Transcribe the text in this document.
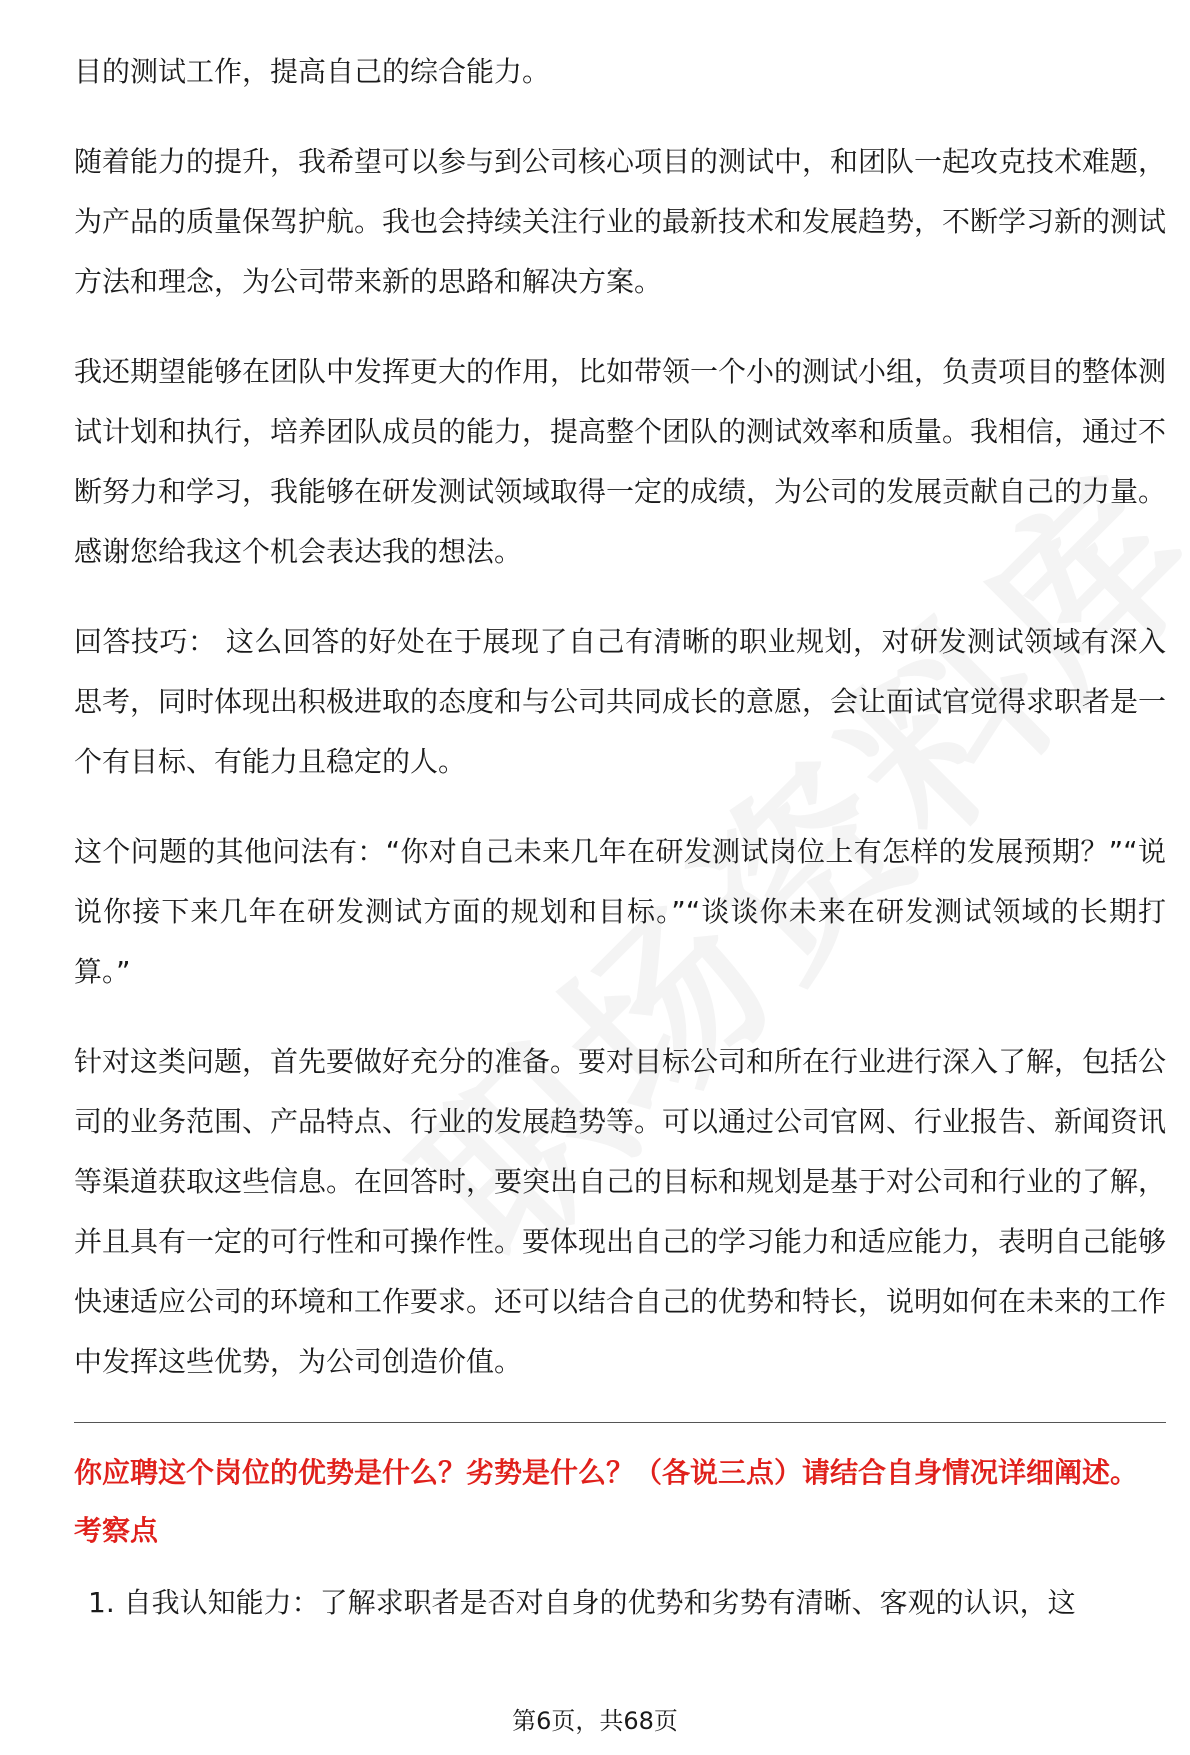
目的测试工作，提高自己的综合能力。

随着能力的提升，我希望可以参与到公司核心项目的测试中，和团队一起攻克技术难题，为产品的质量保驾护航。我也会持续关注行业的最新技术和发展趋势，不断学习新的测试方法和理念，为公司带来新的思路和解决方案。

我还期望能够在团队中发挥更大的作用，比如带领一个小的测试小组，负责项目的整体测试计划和执行，培养团队成员的能力，提高整个团队的测试效率和质量。我相信，通过不断努力和学习，我能够在研发测试领域取得一定的成绩，为公司的发展贡献自己的力量。感谢您给我这个机会表达我的想法。

回答技巧： 这么回答的好处在于展现了自己有清晰的职业规划，对研发测试领域有深入思考，同时体现出积极进取的态度和与公司共同成长的意愿，会让面试官觉得求职者是一个有目标、有能力且稳定的人。

这个问题的其他问法有：“你对自己未来几年在研发测试岗位上有怎样的发展预期？”“说说你接下来几年在研发测试方面的规划和目标。”“谈谈你未来在研发测试领域的长期打算。”

针对这类问题，首先要做好充分的准备。要对目标公司和所在行业进行深入了解，包括公司的业务范围、产品特点、行业的发展趋势等。可以通过公司官网、行业报告、新闻资讯等渠道获取这些信息。在回答时，要突出自己的目标和规划是基于对公司和行业的了解，并且具有一定的可行性和可操作性。要体现出自己的学习能力和适应能力，表明自己能够快速适应公司的环境和工作要求。还可以结合自己的优势和特长，说明如何在未来的工作中发挥这些优势，为公司创造价值。

你应聘这个岗位的优势是什么？劣势是什么？（各说三点）请结合自身情况详细阐述。
考察点
1. 自我认知能力：了解求职者是否对自身的优势和劣势有清晰、客观的认识，这
第6页，共68页
